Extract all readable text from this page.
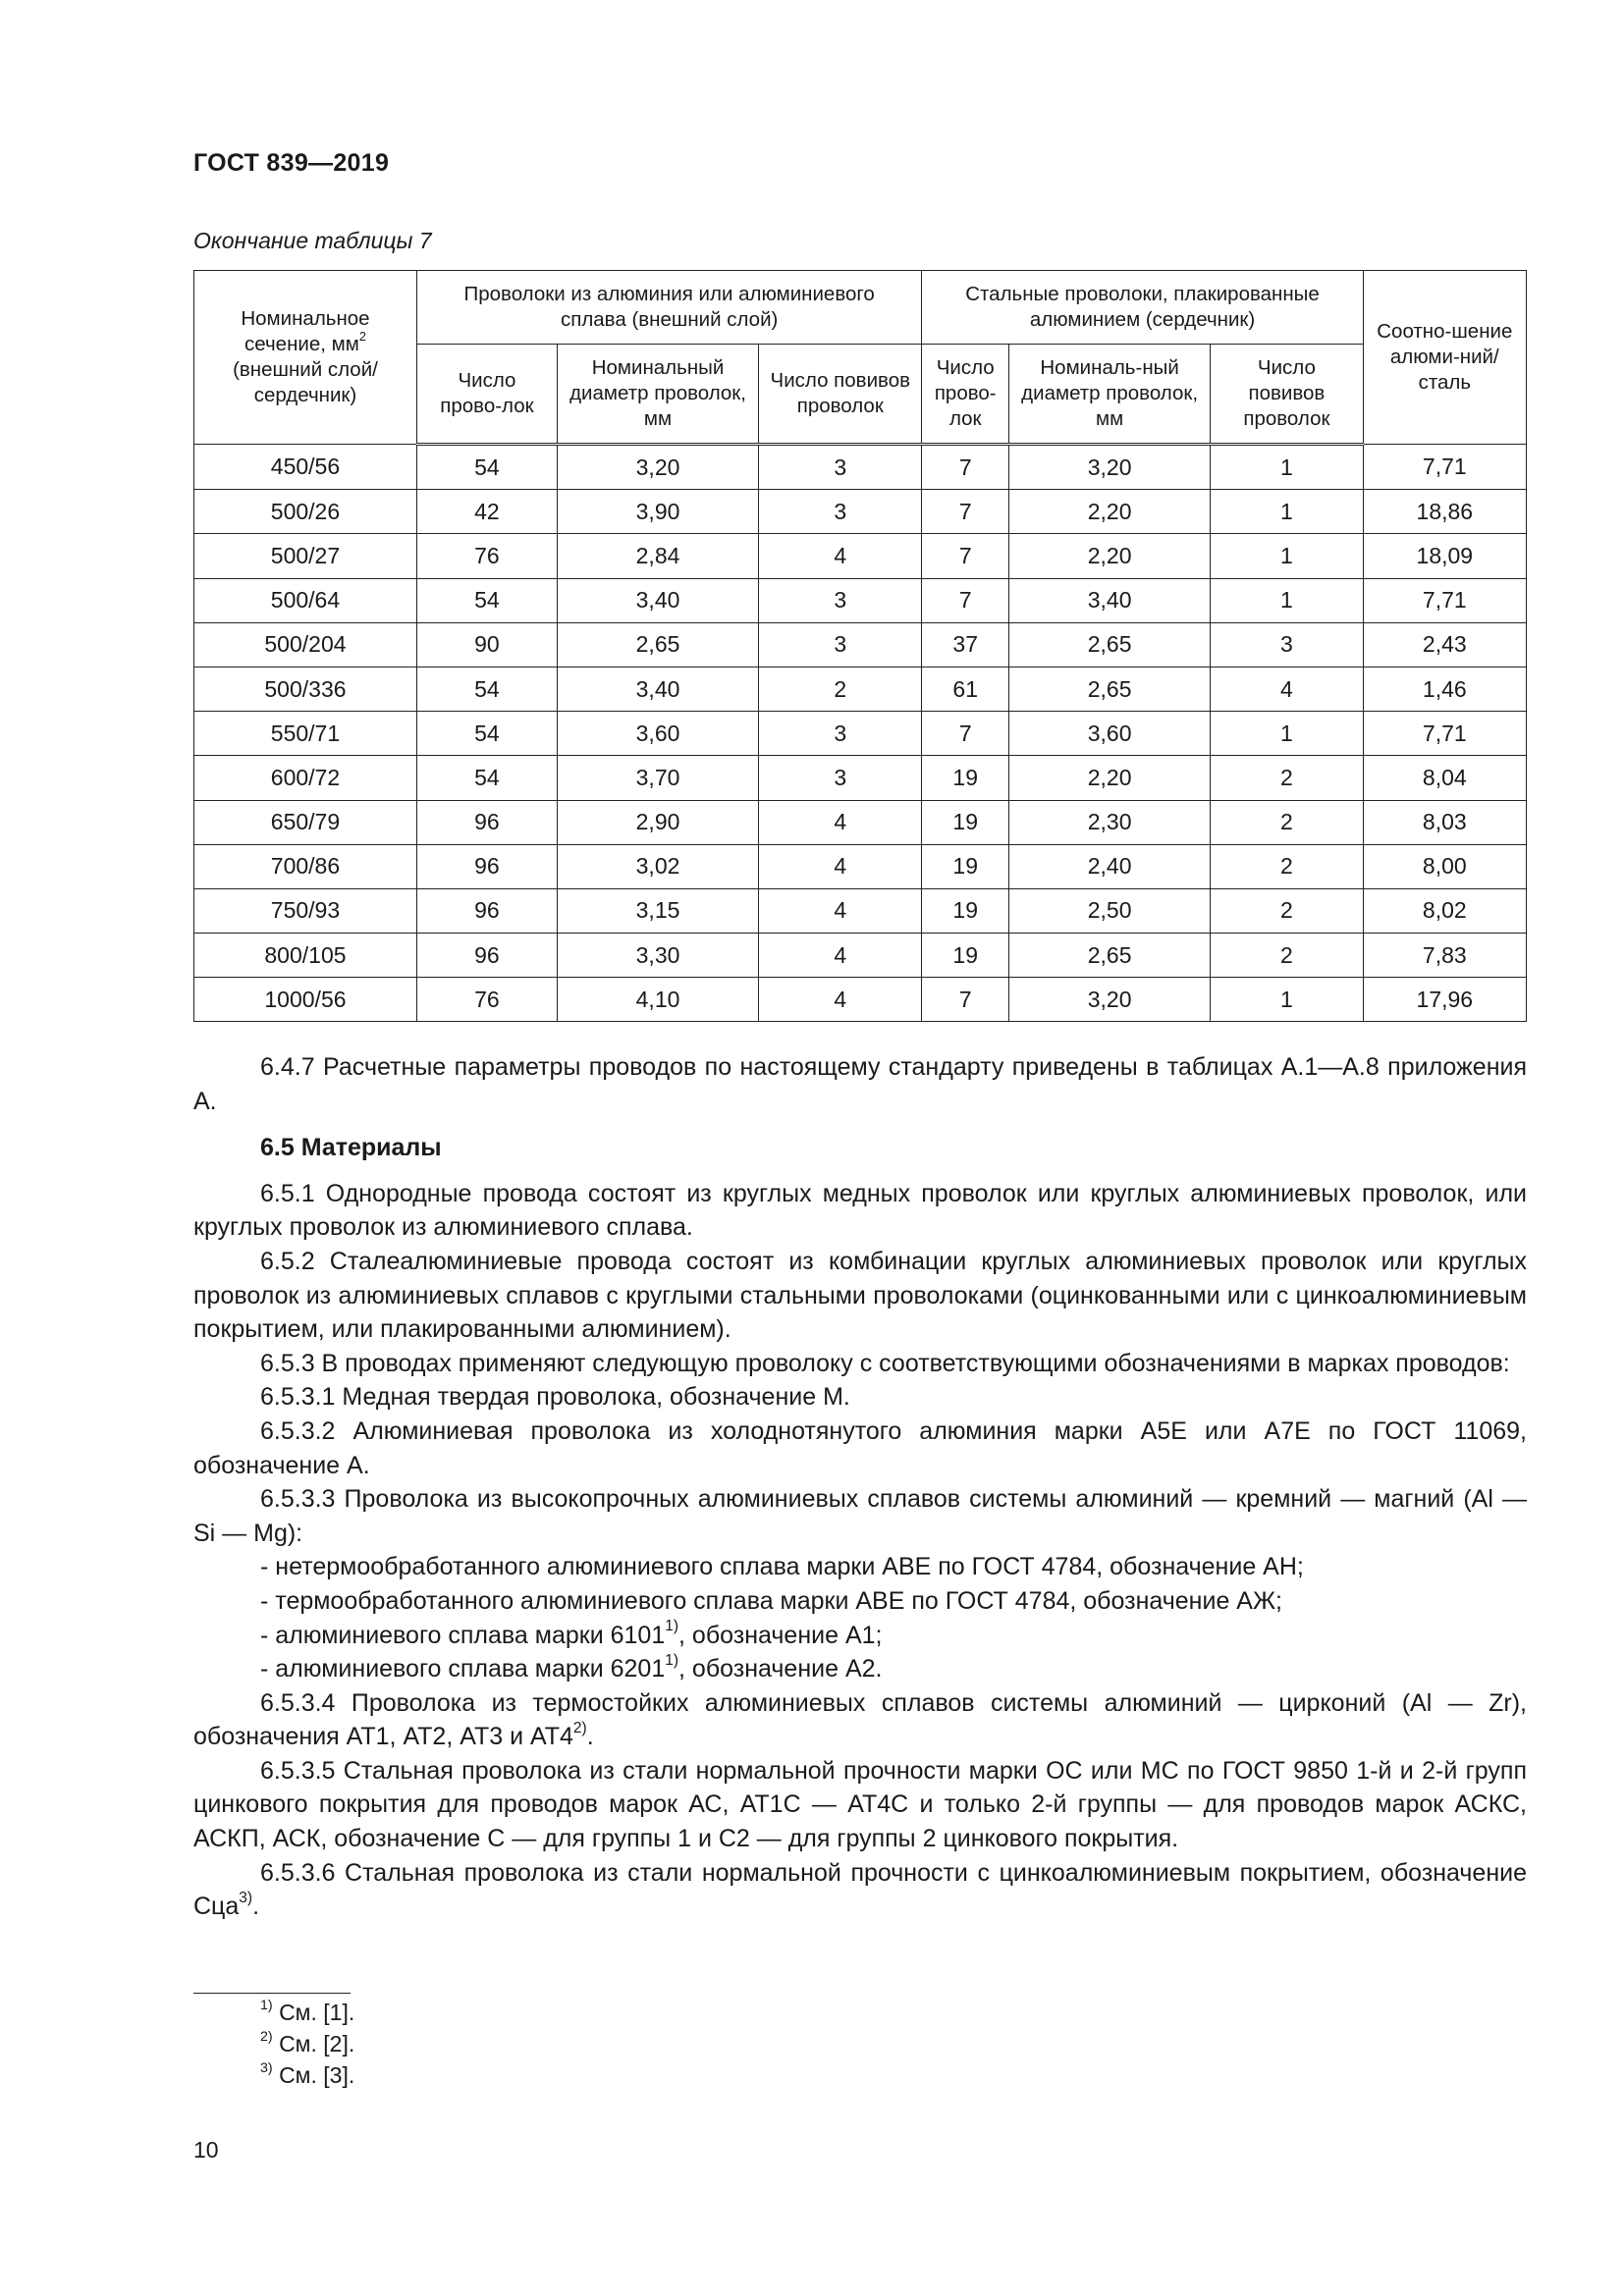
ГОСТ 839—2019
Окончание таблицы 7
Номинальное сечение, $мм^2$ (внешний слой/ сердечник)	Проволоки из алюминия или алюминиевого сплава (внешний слой)			Стальные проволоки, плакированные алюминием (сердечник)			Соотно-шение алюми-ний/ сталь
	Число прово-лок	Номинальный диаметр проволок, мм	Число повивов проволок	Число прово-лок	Номиналь-ный диаметр проволок, мм	Число повивов проволок	
450/56	54	3,20	3	7	3,20	1	7,71
500/26	42	3,90	3	7	2,20	1	18,86
500/27	76	2,84	4	7	2,20	1	18,09
500/64	54	3,40	3	7	3,40	1	7,71
500/204	90	2,65	3	37	2,65	3	2,43
500/336	54	3,40	2	61	2,65	4	1,46
550/71	54	3,60	3	7	3,60	1	7,71
600/72	54	3,70	3	19	2,20	2	8,04
650/79	96	2,90	4	19	2,30	2	8,03
700/86	96	3,02	4	19	2,40	2	8,00
750/93	96	3,15	4	19	2,50	2	8,02
800/105	96	3,30	4	19	2,65	2	7,83
1000/56	76	4,10	4	7	3,20	1	17,96

6.4.7 Расчетные параметры проводов по настоящему стандарту приведены в таблицах А.1—А.8 приложения А.

6.5 Материалы

6.5.1 Однородные провода состоят из круглых медных проволок или круглых алюминиевых проволок, или круглых проволок из алюминиевого сплава.

6.5.2 Сталеалюминиевые провода состоят из комбинации круглых алюминиевых проволок или круглых проволок из алюминиевых сплавов с круглыми стальными проволоками (оцинкованными или с цинкоалюминиевым покрытием, или плакированными алюминием).

6.5.3 В проводах применяют следующую проволоку с соответствующими обозначениями в марках проводов:

6.5.3.1 Медная твердая проволока, обозначение М.

6.5.3.2 Алюминиевая проволока из холоднотянутого алюминия марки А5Е или А7Е по ГОСТ 11069, обозначение А.

6.5.3.3 Проволока из высокопрочных алюминиевых сплавов системы алюминий — кремний — магний (Al — Si — Mg):

- нетермообработанного алюминиевого сплава марки АВЕ по ГОСТ 4784, обозначение АН;

- термообработанного алюминиевого сплава марки АВЕ по ГОСТ 4784, обозначение АЖ;

- алюминиевого сплава марки 6101$^{1)}$, обозначение А1;

- алюминиевого сплава марки 6201$^{1)}$, обозначение А2.

6.5.3.4 Проволока из термостойких алюминиевых сплавов системы алюминий — цирконий (Al — Zr), обозначения АТ1, АТ2, АТ3 и АТ4$^{2)}$.

6.5.3.5 Стальная проволока из стали нормальной прочности марки ОС или МС по ГОСТ 9850 1-й и 2-й групп цинкового покрытия для проводов марок АС, АТ1С — АТ4С и только 2-й группы — для проводов марок АСКС, АСКП, АСК, обозначение С — для группы 1 и С2 — для группы 2 цинкового покрытия.

6.5.3.6 Стальная проволока из стали нормальной прочности с цинкоалюминиевым покрытием, обозначение Сца$^{3)}$.

$^{1)}$ См. [1].
$^{2)}$ См. [2].
$^{3)}$ См. [3].
10
